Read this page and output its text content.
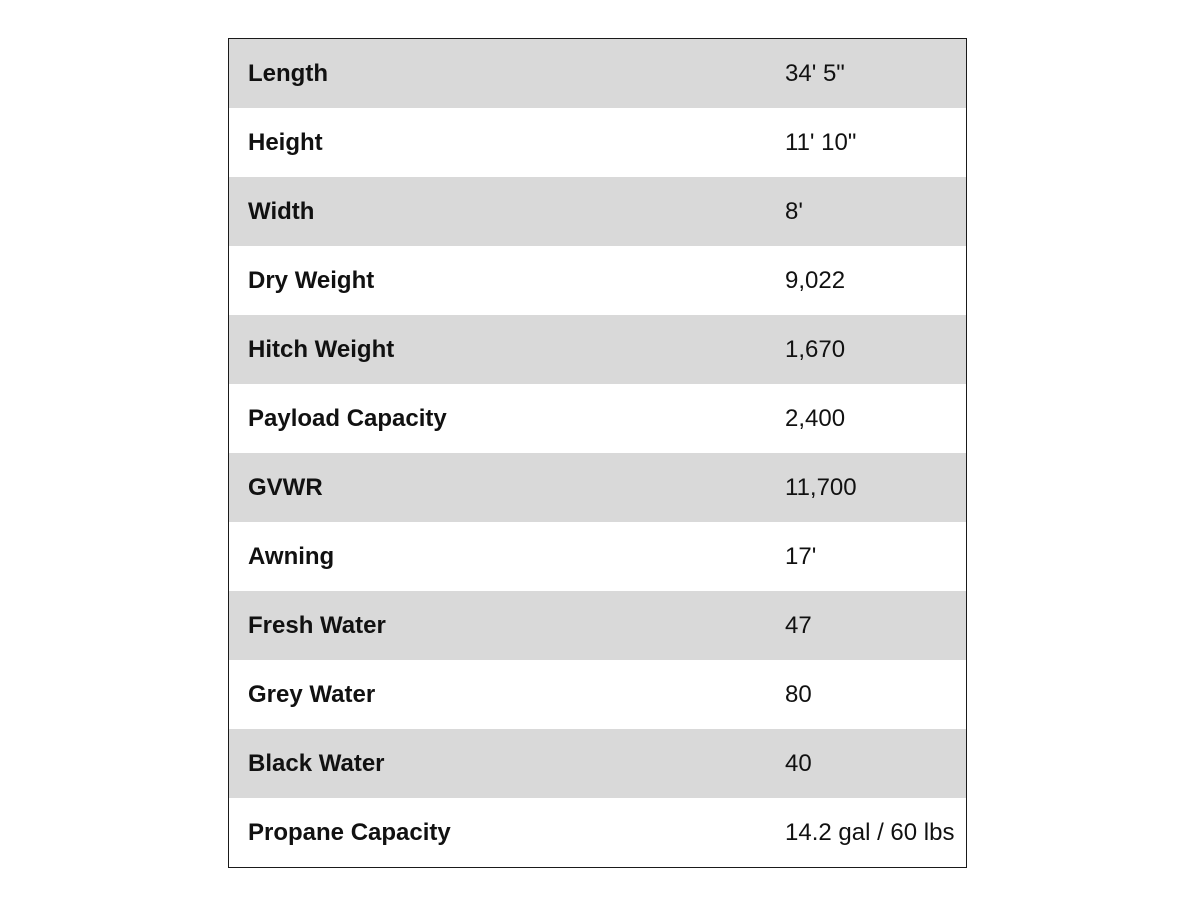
Length	34' 5"
Height	11' 10"
Width	8'
Dry Weight	9,022
Hitch Weight	1,670
Payload Capacity	2,400
GVWR	11,700
Awning	17'
Fresh Water	47
Grey Water	80
Black Water	40
Propane Capacity	14.2 gal / 60 lbs
